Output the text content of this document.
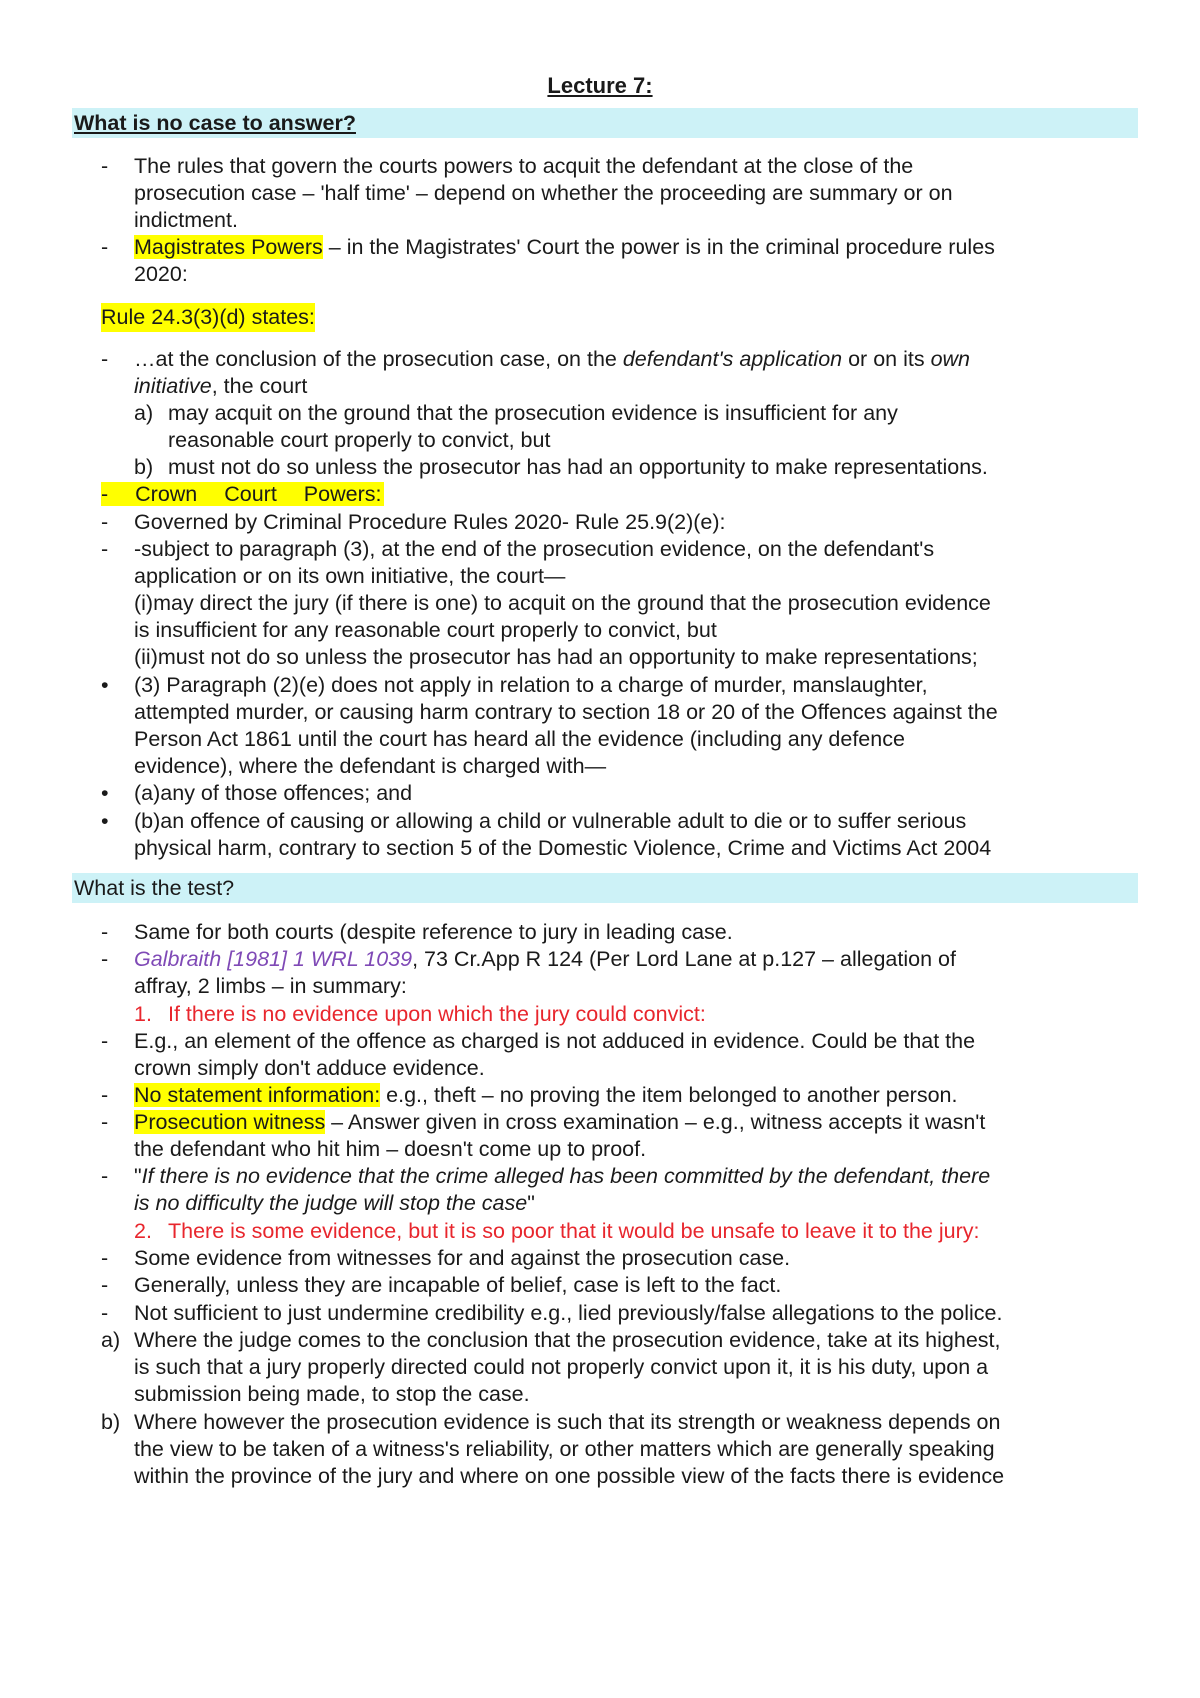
Lecture 7:
What is no case to answer?
- The rules that govern the courts powers to acquit the defendant at the close of the
prosecution case – 'half time' – depend on whether the proceeding are summary or on
indictment.
- Magistrates Powers – in the Magistrates' Court the power is in the criminal procedure rules
2020:
Rule 24.3(3)(d) states:
- …at the conclusion of the prosecution case, on the defendant's application or on its own
initiative, the court
a) may acquit on the ground that the prosecution evidence is insufficient for any
reasonable court properly to convict, but
b) must not do so unless the prosecutor has had an opportunity to make representations.
- Crown Court Powers:
- Governed by Criminal Procedure Rules 2020- Rule 25.9(2)(e):
- -subject to paragraph (3), at the end of the prosecution evidence, on the defendant's
application or on its own initiative, the court—
(i)may direct the jury (if there is one) to acquit on the ground that the prosecution evidence
is insufficient for any reasonable court properly to convict, but
(ii)must not do so unless the prosecutor has had an opportunity to make representations;
• (3) Paragraph (2)(e) does not apply in relation to a charge of murder, manslaughter,
attempted murder, or causing harm contrary to section 18 or 20 of the Offences against the
Person Act 1861 until the court has heard all the evidence (including any defence
evidence), where the defendant is charged with—
• (a)any of those offences; and
• (b)an offence of causing or allowing a child or vulnerable adult to die or to suffer serious
physical harm, contrary to section 5 of the Domestic Violence, Crime and Victims Act 2004
What is the test?
- Same for both courts (despite reference to jury in leading case.
- Galbraith [1981] 1 WRL 1039, 73 Cr.App R 124 (Per Lord Lane at p.127 – allegation of
affray, 2 limbs – in summary:
1. If there is no evidence upon which the jury could convict:
- E.g., an element of the offence as charged is not adduced in evidence. Could be that the
crown simply don't adduce evidence.
- No statement information: e.g., theft – no proving the item belonged to another person.
- Prosecution witness – Answer given in cross examination – e.g., witness accepts it wasn't
the defendant who hit him – doesn't come up to proof.
- "If there is no evidence that the crime alleged has been committed by the defendant, there
is no difficulty the judge will stop the case"
2. There is some evidence, but it is so poor that it would be unsafe to leave it to the jury:
- Some evidence from witnesses for and against the prosecution case.
- Generally, unless they are incapable of belief, case is left to the fact.
- Not sufficient to just undermine credibility e.g., lied previously/false allegations to the police.
a) Where the judge comes to the conclusion that the prosecution evidence, take at its highest,
is such that a jury properly directed could not properly convict upon it, it is his duty, upon a
submission being made, to stop the case.
b) Where however the prosecution evidence is such that its strength or weakness depends on
the view to be taken of a witness's reliability, or other matters which are generally speaking
within the province of the jury and where on one possible view of the facts there is evidence
